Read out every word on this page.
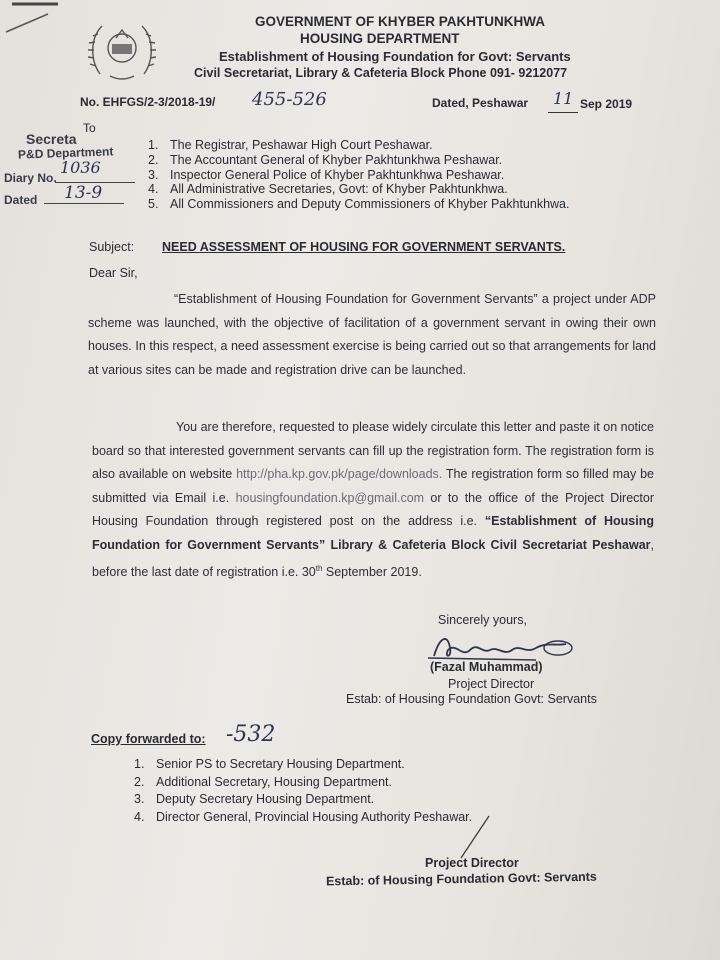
GOVERNMENT OF KHYBER PAKHTUNKHWA
HOUSING DEPARTMENT
Establishment of Housing Foundation for Govt: Servants
Civil Secretariat, Library & Cafeteria Block Phone 091- 9212077
No. EHFGS/2-3/2018-19/ 455-526	Dated, Peshawar 11 Sep 2019
Secreta
To
P&D Department
Diary No.
1036
Dated 13-9
1. The Registrar, Peshawar High Court Peshawar.
2. The Accountant General of Khyber Pakhtunkhwa Peshawar.
3. Inspector General Police of Khyber Pakhtunkhwa Peshawar.
4. All Administrative Secretaries, Govt: of Khyber Pakhtunkhwa.
5. All Commissioners and Deputy Commissioners of Khyber Pakhtunkhwa.
Subject: NEED ASSESSMENT OF HOUSING FOR GOVERNMENT SERVANTS.
Dear Sir,
“Establishment of Housing Foundation for Government Servants” a project under ADP scheme was launched, with the objective of facilitation of a government servant in owing their own houses. In this respect, a need assessment exercise is being carried out so that arrangements for land at various sites can be made and registration drive can be launched.
You are therefore, requested to please widely circulate this letter and paste it on notice board so that interested government servants can fill up the registration form. The registration form is also available on website http://pha.kp.gov.pk/page/downloads. The registration form so filled may be submitted via Email i.e. housingfoundation.kp@gmail.com or to the office of the Project Director Housing Foundation through registered post on the address i.e. “Establishment of Housing Foundation for Government Servants” Library & Cafeteria Block Civil Secretariat Peshawar, before the last date of registration i.e. 30th September 2019.
Sincerely yours,
(Fazal Muhammad)
Project Director
Estab: of Housing Foundation Govt: Servants
Copy forwarded to: -532
1. Senior PS to Secretary Housing Department.
2. Additional Secretary, Housing Department.
3. Deputy Secretary Housing Department.
4. Director General, Provincial Housing Authority Peshawar.
Project Director
Estab: of Housing Foundation Govt: Servants
